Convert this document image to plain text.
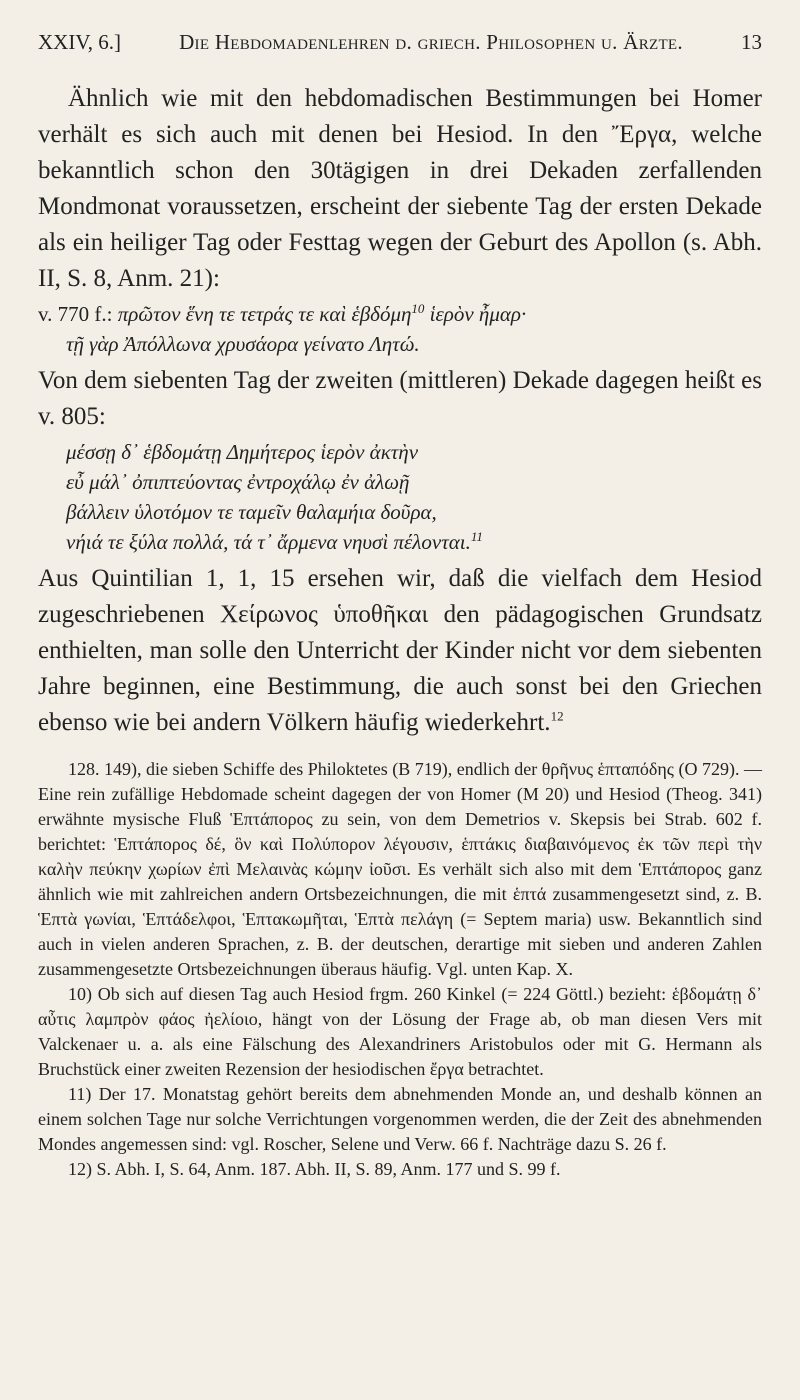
XXIV, 6.]	Die Hebdomadenlehren d. griech. Philosophen u. Ärzte.	13

Ähnlich wie mit den hebdomadischen Bestimmungen bei Homer verhält es sich auch mit denen bei Hesiod. In den Ἔργα, welche bekanntlich schon den 30tägigen in drei Dekaden zerfallenden Mondmonat voraussetzen, erscheint der siebente Tag der ersten Dekade als ein heiliger Tag oder Festtag wegen der Geburt des Apollon (s. Abh. II, S. 8, Anm. 21):

v. 770 f.: πρῶτον ἕνη τε τετράς τε καὶ ἑβδόμη$^{10}$ ἱερὸν ἦμαρ·
τῇ γὰρ Ἀπόλλωνα χρυσάορα γείνατο Λητώ.

Von dem siebenten Tag der zweiten (mittleren) Dekade dagegen heißt es v. 805:

μέσσῃ δ᾽ ἑβδομάτῃ Δημήτερος ἱερὸν ἀκτὴν
εὖ μάλ᾽ ὀπιπτεύοντας ἐντροχάλῳ ἐν ἀλωῇ
βάλλειν ὑλοτόμον τε ταμεῖν θαλαμήια δοῦρα,
νήιά τε ξύλα πολλά, τά τ᾽ ἄρμενα νηυσὶ πέλονται.$^{11}$

Aus Quintilian 1, 1, 15 ersehen wir, daß die vielfach dem Hesiod zugeschriebenen Χείρωνος ὑποθῆκαι den pädagogischen Grundsatz enthielten, man solle den Unterricht der Kinder nicht vor dem siebenten Jahre beginnen, eine Bestimmung, die auch sonst bei den Griechen ebenso wie bei andern Völkern häufig wiederkehrt.$^{12}$

128. 149), die sieben Schiffe des Philoktetes (B 719), endlich der θρῆνυς ἑπταπόδης (O 729). — Eine rein zufällige Hebdomade scheint dagegen der von Homer (M 20) und Hesiod (Theog. 341) erwähnte mysische Fluß Ἑπτάπορος zu sein, von dem Demetrios v. Skepsis bei Strab. 602 f. berichtet: Ἑπτάπορος δέ, ὃν καὶ Πολύπορον λέγουσιν, ἑπτάκις διαβαινόμενος ἐκ τῶν περὶ τὴν καλὴν πεύκην χωρίων ἐπὶ Μελαινὰς κώμην ἰοῦσι. Es verhält sich also mit dem Ἑπτάπορος ganz ähnlich wie mit zahlreichen andern Ortsbezeichnungen, die mit ἑπτά zusammengesetzt sind, z. B. Ἑπτὰ γωνίαι, Ἑπτάδελφοι, Ἑπτακωμῆται, Ἑπτὰ πελάγη (= Septem maria) usw. Bekanntlich sind auch in vielen anderen Sprachen, z. B. der deutschen, derartige mit sieben und anderen Zahlen zusammengesetzte Ortsbezeichnungen überaus häufig. Vgl. unten Kap. X.

10) Ob sich auf diesen Tag auch Hesiod frgm. 260 Kinkel (= 224 Göttl.) bezieht: ἑβδομάτῃ δ᾽ αὖτις λαμπρὸν φάος ἠελίοιο, hängt von der Lösung der Frage ab, ob man diesen Vers mit Valckenaer u. a. als eine Fälschung des Alexandriners Aristobulos oder mit G. Hermann als Bruchstück einer zweiten Rezension der hesiodischen ἔργα betrachtet.

11) Der 17. Monatstag gehört bereits dem abnehmenden Monde an, und deshalb können an einem solchen Tage nur solche Verrichtungen vorgenommen werden, die der Zeit des abnehmenden Mondes angemessen sind: vgl. Roscher, Selene und Verw. 66 f. Nachträge dazu S. 26 f.

12) S. Abh. I, S. 64, Anm. 187. Abh. II, S. 89, Anm. 177 und S. 99 f.
